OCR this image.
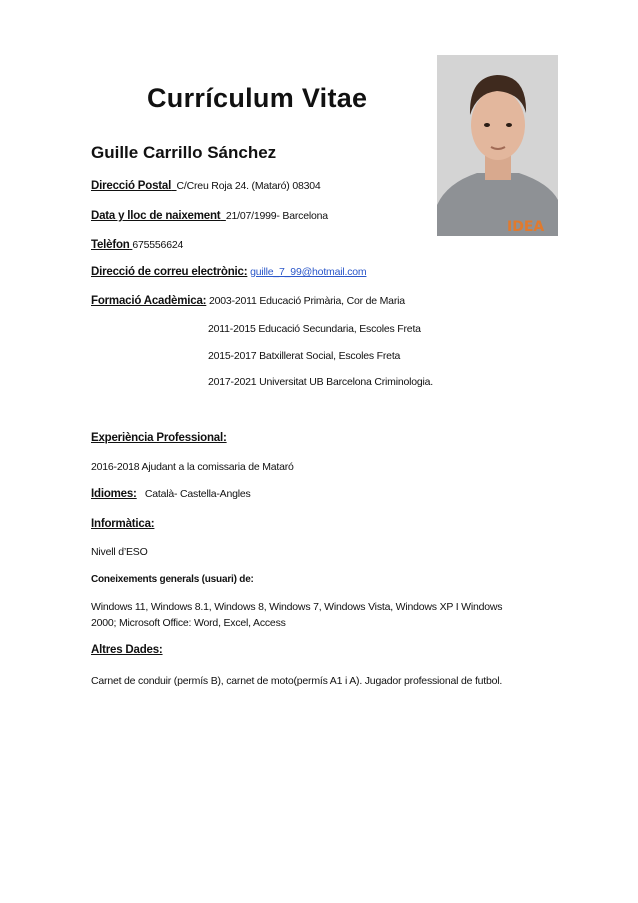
Currículum Vitae
IDEA
Guille Carrillo Sánchez
Direcció Postal C/Creu Roja 24. (Mataró) 08304
Data y lloc de naixement 21/07/1999- Barcelona
Telèfon 675556624
Direcció de correu electrònic: guille_7_99@hotmail.com
Formació Acadèmica: 2003-2011 Educació Primària, Cor de Maria
2011-2015 Educació Secundaria, Escoles Freta
2015-2017 Batxillerat Social, Escoles Freta
2017-2021 Universitat UB Barcelona Criminologia.
Experiència Professional:
2016-2018 Ajudant a la comissaria de Mataró
Idiomes: Català- Castella-Angles
Informàtica:
Nivell d’ESO
Coneixements generals (usuari) de:
Windows 11, Windows 8.1, Windows 8, Windows 7, Windows Vista, Windows XP I Windows
2000; Microsoft Office: Word, Excel, Access
Altres Dades:
Carnet de conduir (permís B), carnet de moto(permís A1 i A). Jugador professional de futbol.
